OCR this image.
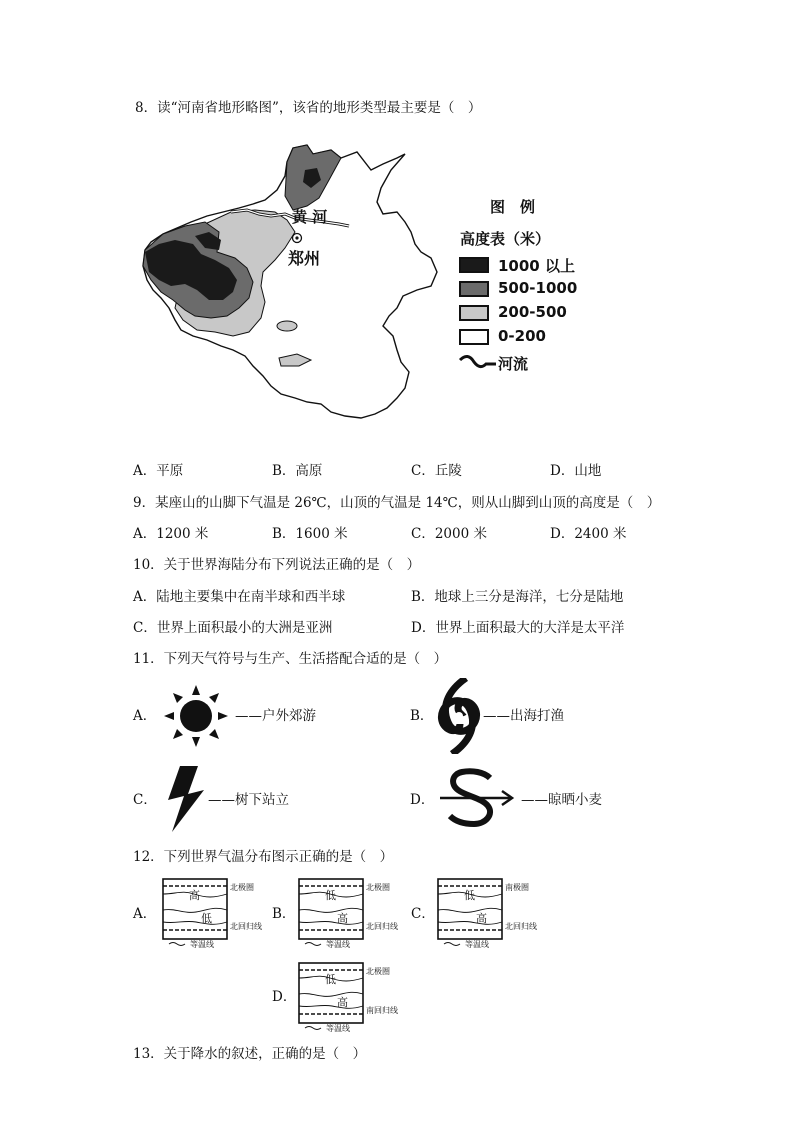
8．读“河南省地形略图”，该省的地形类型最主要是（　）
黄 河
郑州
图　例
高度表（米）
1000 以上
500-1000
200-500
0-200
河流
A．平原	B．高原	C．丘陵	D．山地
9．某座山的山脚下气温是 26℃，山顶的气温是 14℃，则从山脚到山顶的高度是（　）
A．1200 米	B．1600 米	C．2000 米	D．2400 米
10．关于世界海陆分布下列说法正确的是（　）
A．陆地主要集中在南半球和西半球	B．地球上三分是海洋，七分是陆地
C．世界上面积最小的大洲是亚洲	D．世界上面积最大的大洋是太平洋
11．下列天气符号与生产、生活搭配合适的是（　）
A．	——户外郊游	B．	——出海打渔
C．	——树下站立	D．	——晾晒小麦
12．下列世界气温分布图示正确的是（　）
A．
高
低
北极圈
北回归线
等温线
B．
低
高
北极圈
北回归线
等温线
C．
低
高
南极圈
北回归线
等温线
D．
低
高
北极圈
南回归线
等温线
13．关于降水的叙述，正确的是（　）
